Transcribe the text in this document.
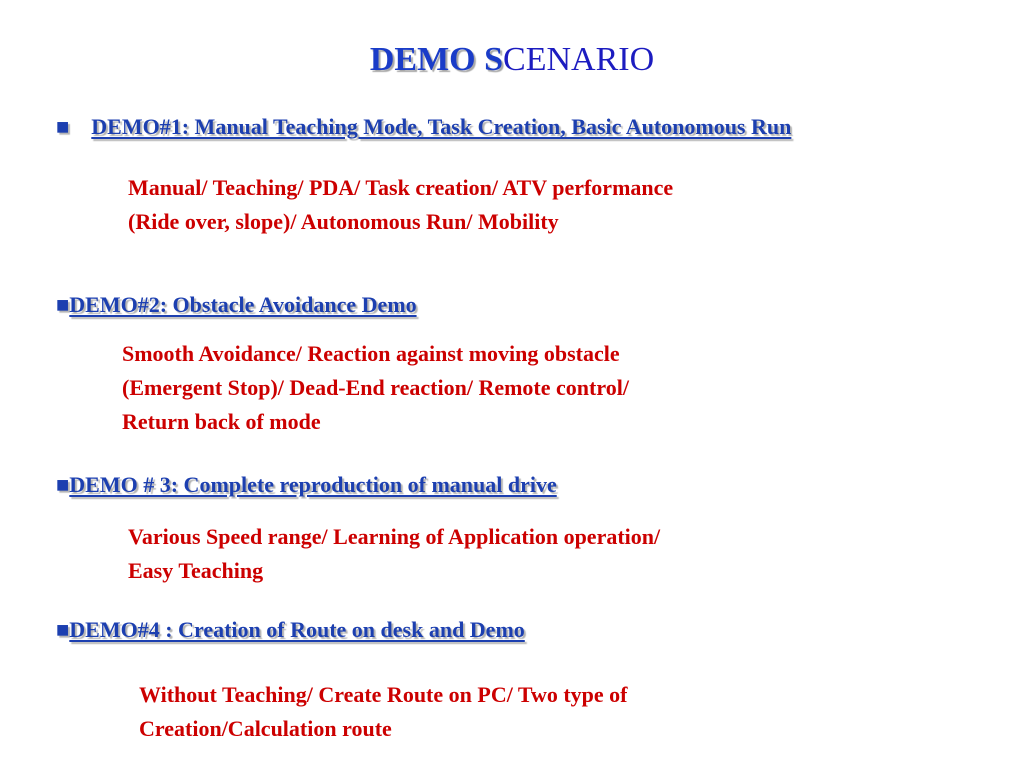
DEMO SCENARIO
■ DEMO#1: Manual Teaching Mode, Task Creation, Basic Autonomous Run
Manual/ Teaching/ PDA/ Task creation/ ATV performance
(Ride over, slope)/ Autonomous Run/ Mobility
■DEMO#2: Obstacle Avoidance Demo
Smooth Avoidance/ Reaction against moving obstacle
(Emergent Stop)/ Dead-End reaction/ Remote control/
Return back of mode
■DEMO # 3: Complete reproduction of manual drive
Various Speed range/ Learning of Application operation/
Easy Teaching
■DEMO#4 : Creation of Route on desk and Demo
Without Teaching/ Create Route on PC/ Two type of
Creation/Calculation route
